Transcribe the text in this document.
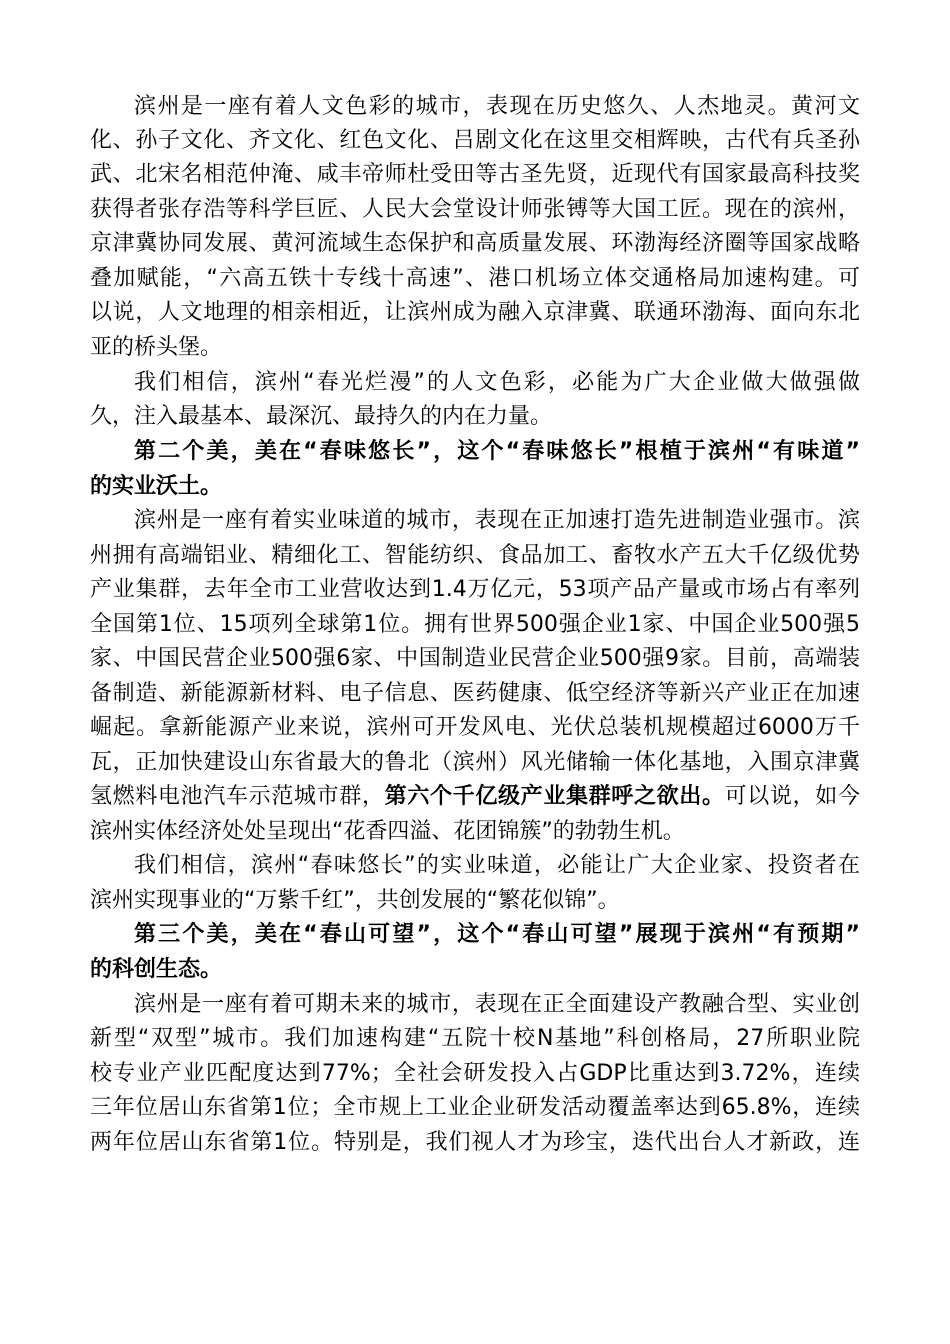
滨州是一座有着人文色彩的城市，表现在历史悠久、人杰地灵。黄河文
化、孙子文化、齐文化、红色文化、吕剧文化在这里交相辉映，古代有兵圣孙
武、北宋名相范仲淹、咸丰帝师杜受田等古圣先贤，近现代有国家最高科技奖
获得者张存浩等科学巨匠、人民大会堂设计师张镈等大国工匠。现在的滨州，
京津冀协同发展、黄河流域生态保护和高质量发展、环渤海经济圈等国家战略
叠加赋能，“六高五铁十专线十高速”、港口机场立体交通格局加速构建。可
以说，人文地理的相亲相近，让滨州成为融入京津冀、联通环渤海、面向东北
亚的桥头堡。
我们相信，滨州“春光烂漫”的人文色彩，必能为广大企业做大做强做
久，注入最基本、最深沉、最持久的内在力量。
第二个美，美在“春味悠长”，这个“春味悠长”根植于滨州“有味道”
的实业沃土。
滨州是一座有着实业味道的城市，表现在正加速打造先进制造业强市。滨
州拥有高端铝业、精细化工、智能纺织、食品加工、畜牧水产五大千亿级优势
产业集群，去年全市工业营收达到1.4万亿元，53项产品产量或市场占有率列
全国第1位、15项列全球第1位。拥有世界500强企业1家、中国企业500强5
家、中国民营企业500强6家、中国制造业民营企业500强9家。目前，高端装
备制造、新能源新材料、电子信息、医药健康、低空经济等新兴产业正在加速
崛起。拿新能源产业来说，滨州可开发风电、光伏总装机规模超过6000万千
瓦，正加快建设山东省最大的鲁北（滨州）风光储输一体化基地，入围京津冀
氢燃料电池汽车示范城市群，第六个千亿级产业集群呼之欲出。可以说，如今
滨州实体经济处处呈现出“花香四溢、花团锦簇”的勃勃生机。
我们相信，滨州“春味悠长”的实业味道，必能让广大企业家、投资者在
滨州实现事业的“万紫千红”，共创发展的“繁花似锦”。
第三个美，美在“春山可望”，这个“春山可望”展现于滨州“有预期”
的科创生态。
滨州是一座有着可期未来的城市，表现在正全面建设产教融合型、实业创
新型“双型”城市。我们加速构建“五院十校N基地”科创格局，27所职业院
校专业产业匹配度达到77%；全社会研发投入占GDP比重达到3.72%，连续
三年位居山东省第1位；全市规上工业企业研发活动覆盖率达到65.8%，连续
两年位居山东省第1位。特别是，我们视人才为珍宝，迭代出台人才新政，连
